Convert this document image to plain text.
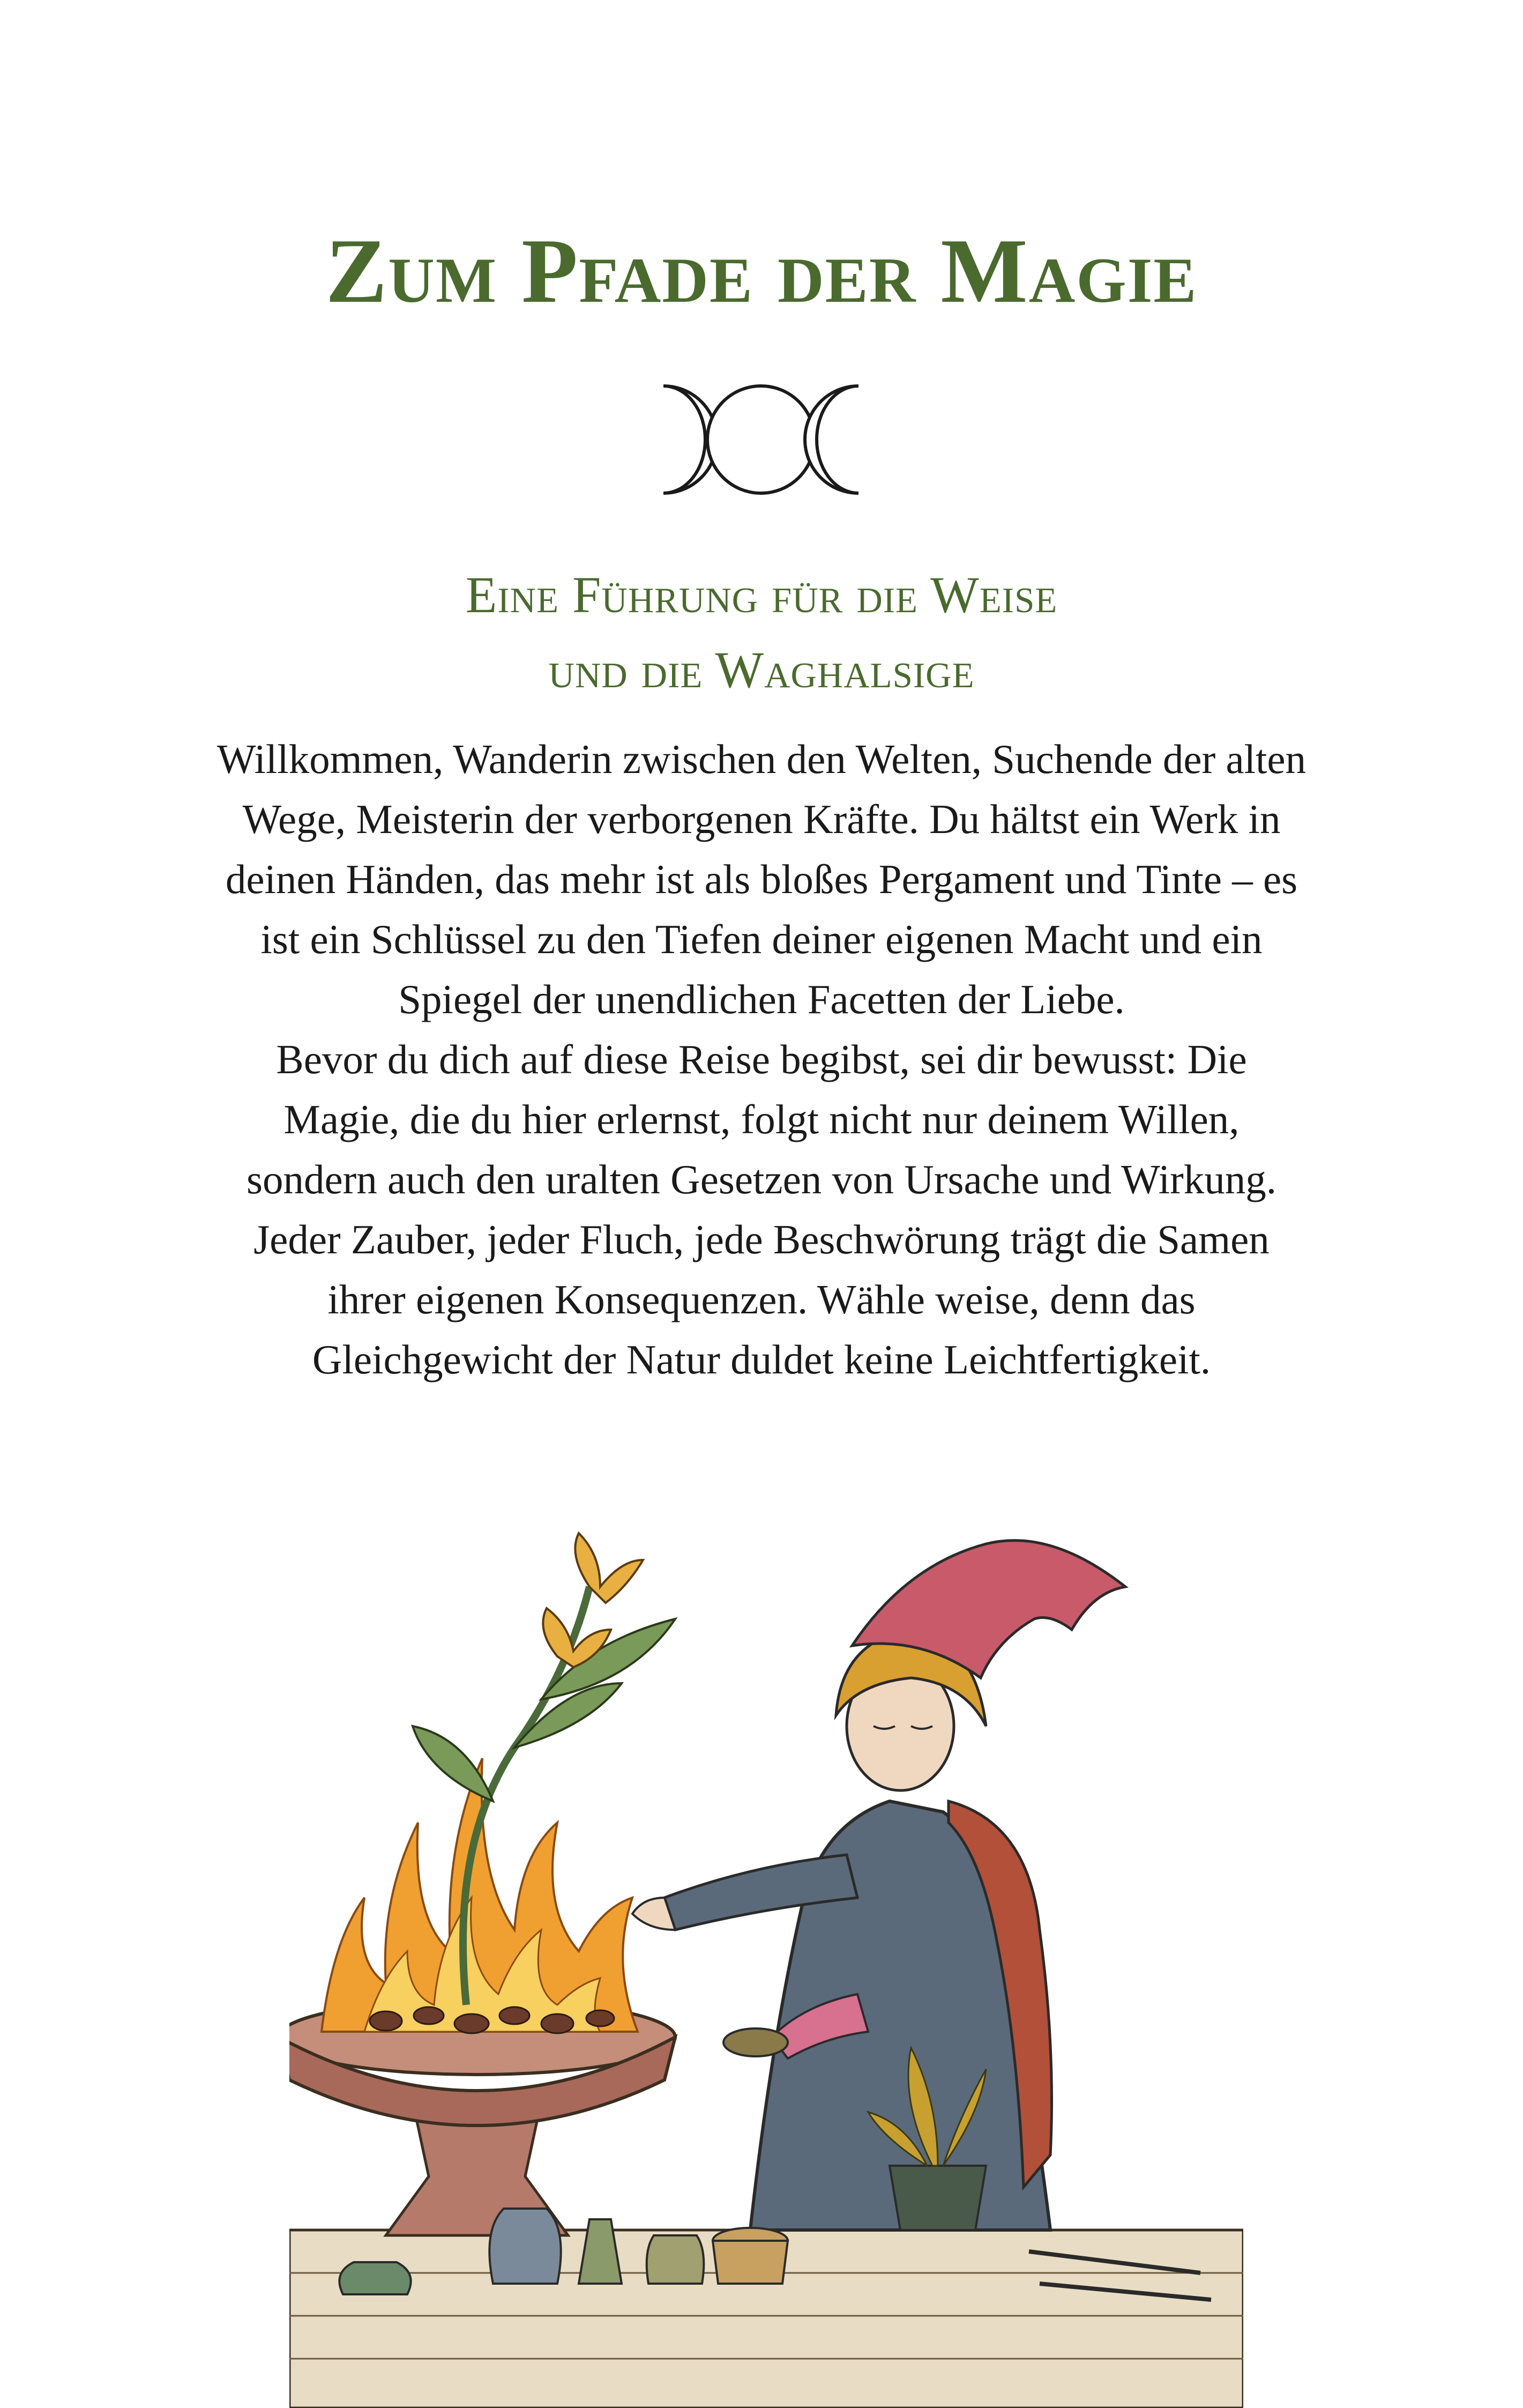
Zum Pfade der Magie
Eine Führung für die Weise
und die Waghalsige

Willkommen, Wanderin zwischen den Welten, Suchende der alten Wege, Meisterin der verborgenen Kräfte. Du hältst ein Werk in deinen Händen, das mehr ist als bloßes Pergament und Tinte – es ist ein Schlüssel zu den Tiefen deiner eigenen Macht und ein Spiegel der unendlichen Facetten der Liebe.

Bevor du dich auf diese Reise begibst, sei dir bewusst: Die Magie, die du hier erlernst, folgt nicht nur deinem Willen, sondern auch den uralten Gesetzen von Ursache und Wirkung. Jeder Zauber, jeder Fluch, jede Beschwörung trägt die Samen ihrer eigenen Konsequenzen. Wähle weise, denn das Gleichgewicht der Natur duldet keine Leichtfertigkeit.
